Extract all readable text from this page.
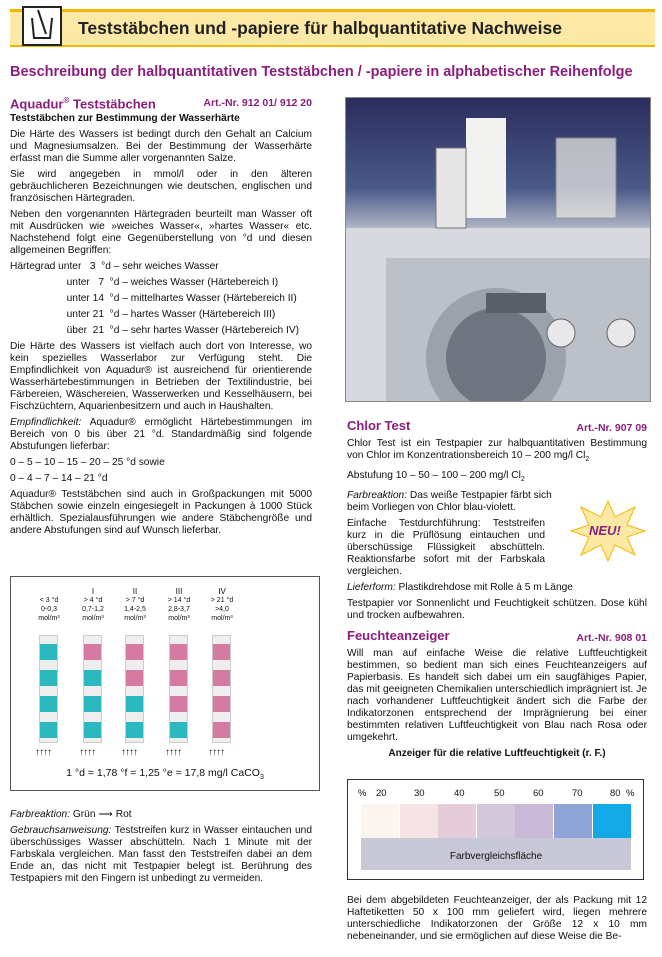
Teststäbchen und -papiere für halbquantitative Nachweise
Beschreibung der halbquantitativen Teststäbchen / -papiere in alphabetischer Reihenfolge
Aquadur® Teststäbchen	Art.-Nr. 912 01/ 912 20

Teststäbchen zur Bestimmung der Wasserhärte

Die Härte des Wassers ist bedingt durch den Gehalt an Calcium und Magnesiumsalzen. Bei der Bestimmung der Wasserhärte erfasst man die Summe aller vorgenannten Salze.

Sie wird angegeben in mmol/l oder in den älteren gebräuchlicheren Bezeichnungen wie deutschen, englischen und französischen Härtegraden.

Neben den vorgenannten Härtegraden beurteilt man Wasser oft mit Ausdrücken wie »weiches Wasser«, »hartes Wasser« etc. Nachstehend folgt eine Gegenüberstellung von °d und diesen allgemeinen Begriffen:

Härtegrad unter   3  °d – sehr weiches Wasser

unter   7  °d – weiches Wasser (Härtebereich I)

unter 14  °d – mittelhartes Wasser (Härtebereich II)

unter 21  °d – hartes Wasser (Härtebereich III)

über  21  °d – sehr hartes Wasser (Härtebereich IV)

Die Härte des Wassers ist vielfach auch dort von Interesse, wo kein spezielles Wasserlabor zur Verfügung steht. Die Empfindlichkeit von Aquadur® ist ausreichend für orientierende Wasserhärtebestimmungen in Betrieben der Textilindustrie, bei Färbereien, Wäschereien, Wasserwerken und Kesselhäusern, bei Fischzüchtern, Aquarienbesitzern und auch in Haushalten.

Empfindlichkeit: Aquadur® ermöglicht Härtebestimmungen im Bereich von 0 bis über 21 °d. Standardmäßig sind folgende Abstufungen lieferbar:

0 – 5 – 10 – 15 – 20 – 25 °d sowie

0 – 4 – 7 – 14 – 21 °d

Aquadur® Teststäbchen sind auch in Großpackungen mit 5000 Stäbchen sowie einzeln eingesiegelt in Packungen à 1000 Stück erhältlich. Spezialausführungen wie andere Stäbchengröße und andere Abstufungen sind auf Wunsch lieferbar.

< 3 °d
0-0,3
mol/m³
I
> 4 °d
0,7-1,2
mol/m³
II
> 7 °d
1,4-2,5
mol/m³
III
> 14 °d
2,8-3,7
mol/m³
IV
> 21 °d
>4,0
mol/m³
↑↑↑↑	↑↑↑↑	↑↑↑↑	↑↑↑↑	↑↑↑↑
1 °d = 1,78 °f = 1,25 °e = 17,8 mg/l CaCO$_3$

Farbreaktion: Grün ⟶ Rot

Gebrauchsanweisung: Teststreifen kurz in Wasser eintauchen und überschüssiges Wasser abschütteln. Nach 1 Minute mit der Farbskala vergleichen. Man fasst den Teststreifen dabei an dem Ende an, das nicht mit Testpapier belegt ist. Berührung des Testpapiers mit den Fingern ist unbedingt zu vermeiden.

Chlor Test	Art.-Nr. 907 09

Chlor Test ist ein Testpapier zur halbquantitativen Bestimmung von Chlor im Konzentrationsbereich 10 – 200 mg/l $Cl_2$

Abstufung 10 – 50 – 100 – 200 mg/l $Cl_2$

Farbreaktion: Das weiße Testpapier färbt sich beim Vorliegen von Chlor blau-violett.

Einfache Testdurchführung: Teststreifen kurz in die Prüflösung eintauchen und überschüssige Flüssigkeit abschütteln. Reaktionsfarbe sofort mit der Farbskala vergleichen.

Lieferform: Plastikdrehdose mit Rolle à 5 m Länge

Testpapier vor Sonnenlicht und Feuchtigkeit schützen. Dose kühl und trocken aufbewahren.

NEU!
Feuchteanzeiger	Art.-Nr. 908 01

Will man auf einfache Weise die relative Luftfeuchtigkeit bestimmen, so bedient man sich eines Feuchteanzeigers auf Papierbasis. Es handelt sich dabei um ein saugfähiges Papier, das mit geeigneten Chemikalien unterschiedlich imprägniert ist. Je nach vorhandener Luftfeuchtigkeit ändert sich die Farbe der Indikatorzonen entsprechend der Imprägnierung bei einer bestimmten relativen Luftfeuchtigkeit von Blau nach Rosa oder umgekehrt.

Anzeiger für die relative Luftfeuchtigkeit (r. F.)

% 20	30	40	50	60	70	80 %
Farbvergleichsfläche

Bei dem abgebildeten Feuchteanzeiger, der als Packung mit 12 Haftetiketten 50 x 100 mm geliefert wird, liegen mehrere unterschiedliche Indikatorzonen der Größe 12 x 10 mm nebeneinander, und sie ermöglichen auf diese Weise die Be-
